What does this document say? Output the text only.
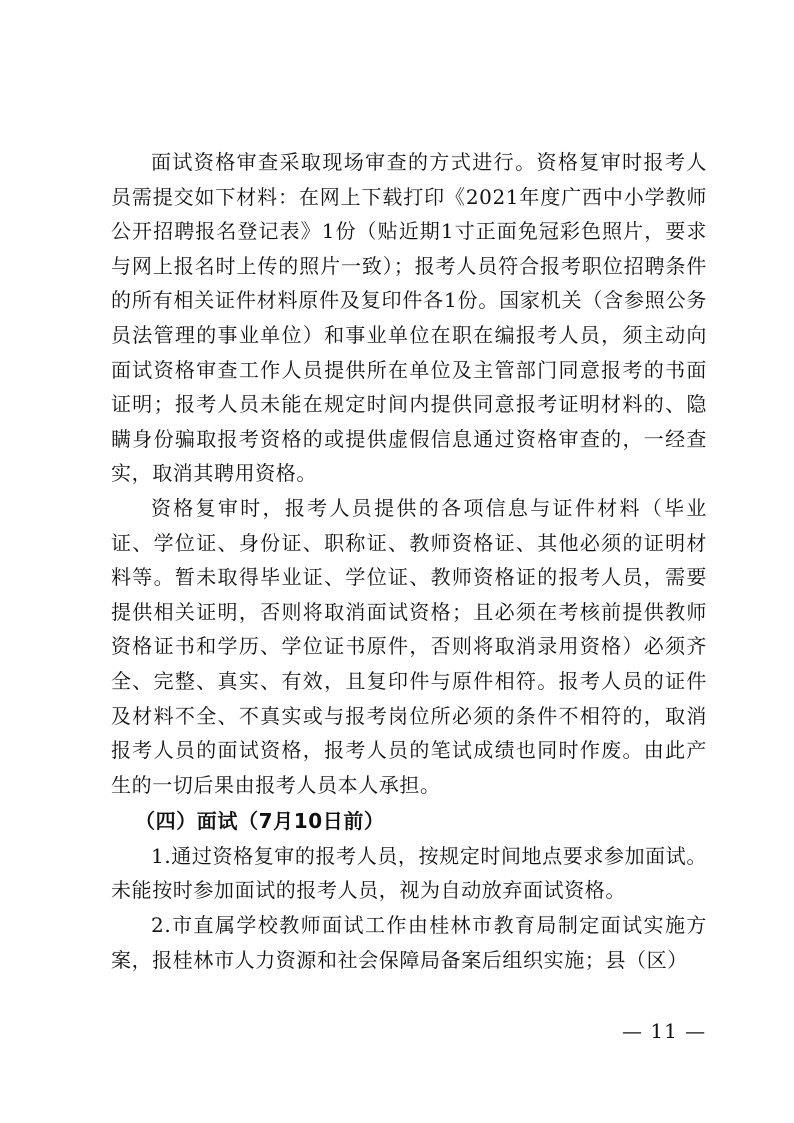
面试资格审查采取现场审查的方式进行。资格复审时报考人员需提交如下材料：在网上下载打印《2021年度广西中小学教师公开招聘报名登记表》1份（贴近期1寸正面免冠彩色照片，要求与网上报名时上传的照片一致）；报考人员符合报考职位招聘条件的所有相关证件材料原件及复印件各1份。国家机关（含参照公务员法管理的事业单位）和事业单位在职在编报考人员，须主动向面试资格审查工作人员提供所在单位及主管部门同意报考的书面证明；报考人员未能在规定时间内提供同意报考证明材料的、隐瞒身份骗取报考资格的或提供虚假信息通过资格审查的，一经查实，取消其聘用资格。

资格复审时，报考人员提供的各项信息与证件材料（毕业证、学位证、身份证、职称证、教师资格证、其他必须的证明材料等。暂未取得毕业证、学位证、教师资格证的报考人员，需要提供相关证明，否则将取消面试资格；且必须在考核前提供教师资格证书和学历、学位证书原件，否则将取消录用资格）必须齐全、完整、真实、有效，且复印件与原件相符。报考人员的证件及材料不全、不真实或与报考岗位所必须的条件不相符的，取消报考人员的面试资格，报考人员的笔试成绩也同时作废。由此产生的一切后果由报考人员本人承担。

（四）面试（7月10日前）

1.通过资格复审的报考人员，按规定时间地点要求参加面试。未能按时参加面试的报考人员，视为自动放弃面试资格。

2.市直属学校教师面试工作由桂林市教育局制定面试实施方案，报桂林市人力资源和社会保障局备案后组织实施；县（区）

— 11 —
